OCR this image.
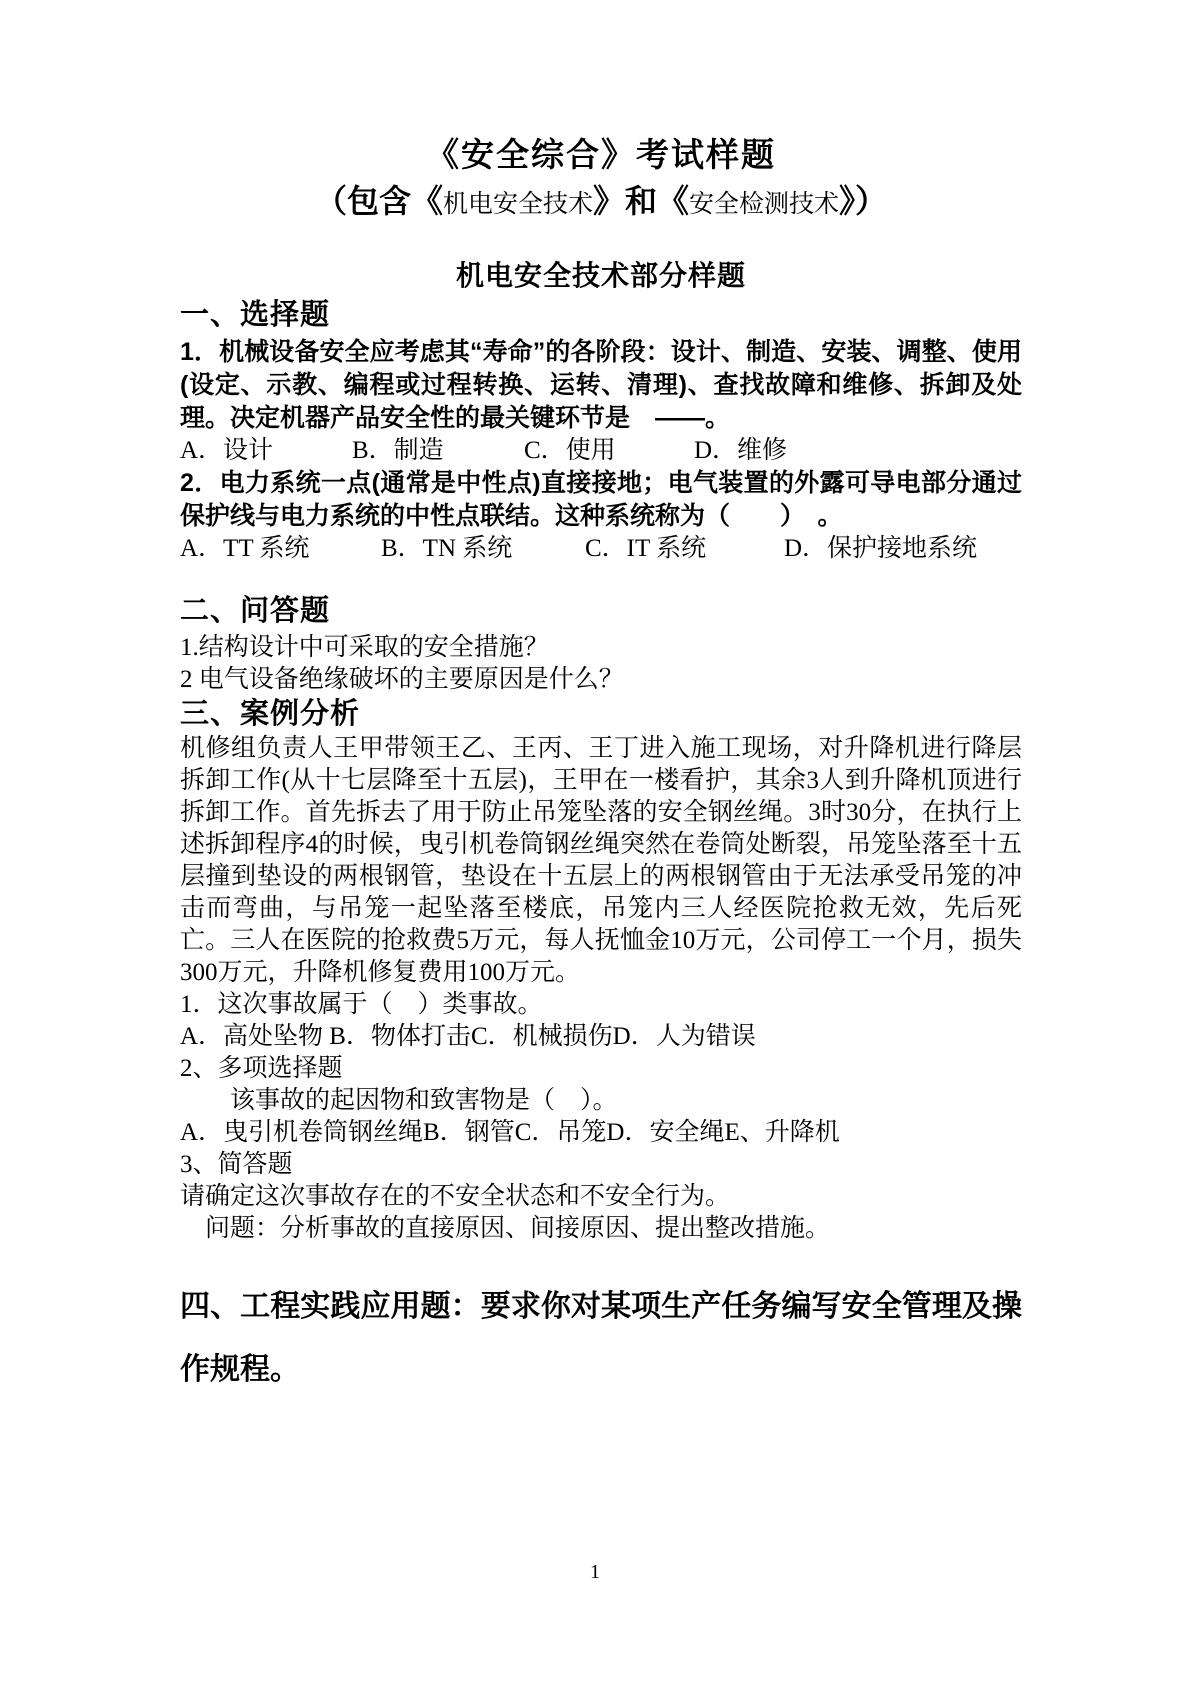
《安全综合》考试样题
（包含《机电安全技术》和《安全检测技术》）
机电安全技术部分样题
一、选择题
1．机械设备安全应考虑其“寿命”的各阶段：设计、制造、安装、调整、使用(设定、示教、编程或过程转换、运转、清理)、查找故障和维修、拆卸及处理。决定机器产品安全性的最关键环节是　——。
A．设计	B．制造	C．使用	D．维修
2．电力系统一点(通常是中性点)直接接地；电气装置的外露可导电部分通过保护线与电力系统的中性点联结。这种系统称为（　　）　。
A．TT 系统	B．TN 系统	C．IT 系统	D．保护接地系统
二、问答题
1.结构设计中可采取的安全措施？
2 电气设备绝缘破坏的主要原因是什么？
三、案例分析
机修组负责人王甲带领王乙、王丙、王丁进入施工现场，对升降机进行降层拆卸工作(从十七层降至十五层)，王甲在一楼看护，其余3人到升降机顶进行拆卸工作。首先拆去了用于防止吊笼坠落的安全钢丝绳。3时30分，在执行上述拆卸程序4的时候，曳引机卷筒钢丝绳突然在卷筒处断裂，吊笼坠落至十五层撞到垫设的两根钢管，垫设在十五层上的两根钢管由于无法承受吊笼的冲击而弯曲，与吊笼一起坠落至楼底，吊笼内三人经医院抢救无效，先后死亡。三人在医院的抢救费5万元，每人抚恤金10万元，公司停工一个月，损失300万元，升降机修复费用100万元。
1．这次事故属于（　）类事故。
A．高处坠物 B．物体打击C．机械损伤D．人为错误
2、多项选择题
该事故的起因物和致害物是（　）。
A．曳引机卷筒钢丝绳B．钢管C．吊笼D．安全绳E、升降机
3、简答题
请确定这次事故存在的不安全状态和不安全行为。
问题：分析事故的直接原因、间接原因、提出整改措施。
四、工程实践应用题：要求你对某项生产任务编写安全管理及操作规程。
1
